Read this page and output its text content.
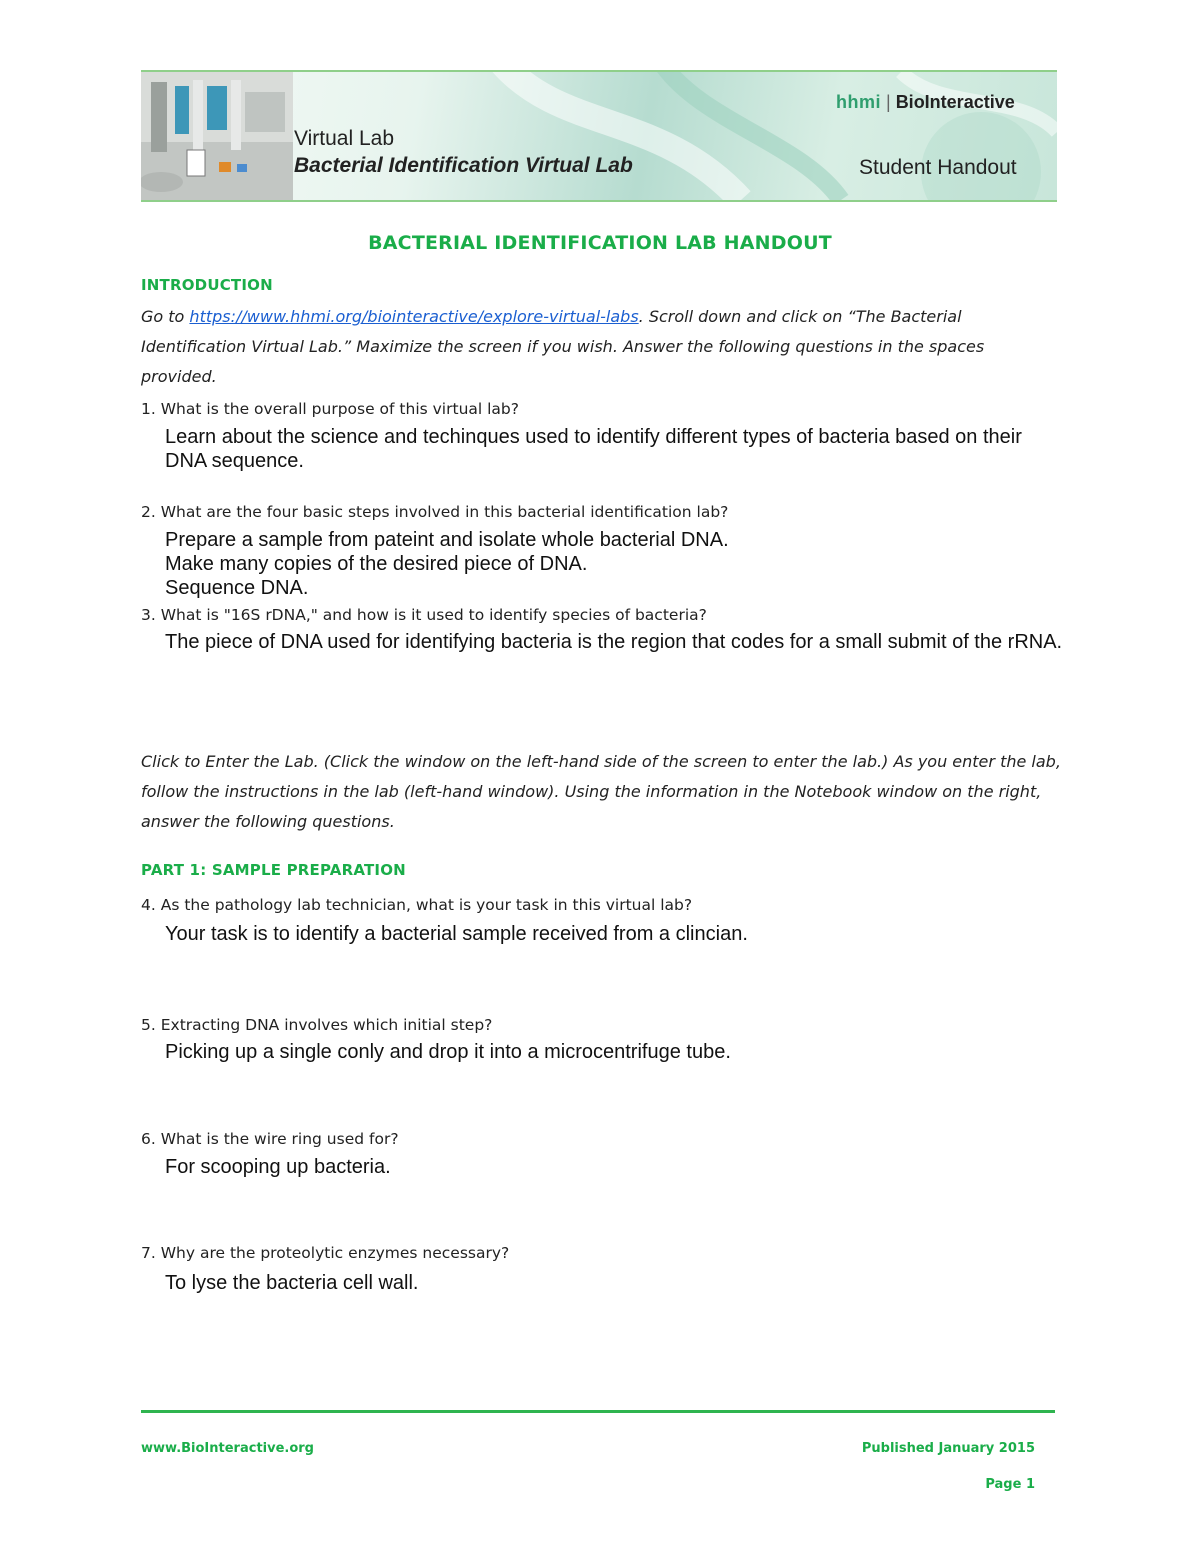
hhmi | BioInteractive
Virtual Lab
Bacterial Identification Virtual Lab	Student Handout
BACTERIAL IDENTIFICATION LAB HANDOUT
INTRODUCTION
Go to https://www.hhmi.org/biointeractive/explore-virtual-labs. Scroll down and click on “The Bacterial Identification Virtual Lab.” Maximize the screen if you wish. Answer the following questions in the spaces provided.
1. What is the overall purpose of this virtual lab?
Learn about the science and techinques used to identify different types of bacteria based on their DNA sequence.
2. What are the four basic steps involved in this bacterial identification lab?
Prepare a sample from pateint and isolate whole bacterial DNA.
Make many copies of the desired piece of DNA.
Sequence DNA.
3. What is "16S rDNA," and how is it used to identify species of bacteria?
The piece of DNA used for identifying bacteria is the region that codes for a small submit of the rRNA.
Click to Enter the Lab. (Click the window on the left-hand side of the screen to enter the lab.) As you enter the lab, follow the instructions in the lab (left-hand window). Using the information in the Notebook window on the right, answer the following questions.
PART 1: SAMPLE PREPARATION
4. As the pathology lab technician, what is your task in this virtual lab?
Your task is to identify a bacterial sample received from a clincian.
5. Extracting DNA involves which initial step?
Picking up a single conly and drop it into a microcentrifuge tube.
6. What is the wire ring used for?
For scooping up bacteria.
7. Why are the proteolytic enzymes necessary?
To lyse the bacteria cell wall.
www.BioInteractive.org	Published January 2015
Page 1
